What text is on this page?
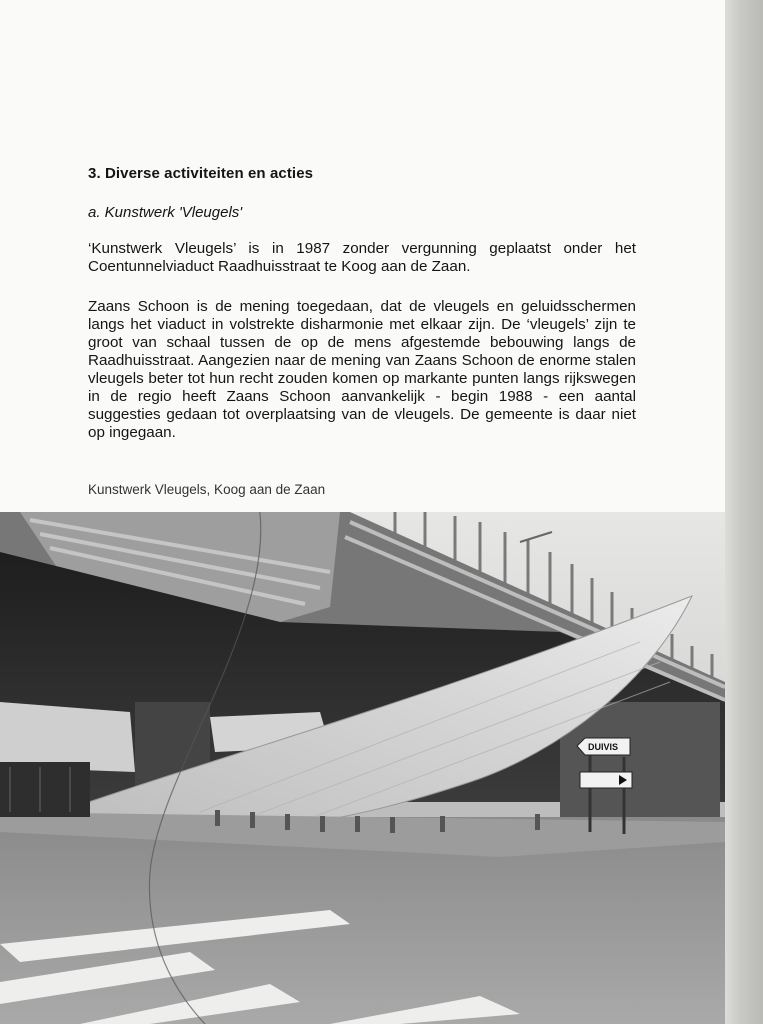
3. Diverse activiteiten en acties
a. Kunstwerk 'Vleugels'

‘Kunstwerk Vleugels’ is in 1987 zonder vergunning geplaatst onder het Coentunnelviaduct Raadhuisstraat te Koog aan de Zaan.

Zaans Schoon is de mening toegedaan, dat de vleugels en geluidsschermen langs het viaduct in volstrekte disharmonie met elkaar zijn. De ‘vleugels’ zijn te groot van schaal tussen de op de mens afgestemde bebouwing langs de Raadhuisstraat. Aangezien naar de mening van Zaans Schoon de enorme stalen vleugels beter tot hun recht zouden komen op markante punten langs rijkswegen in de regio heeft Zaans Schoon aanvankelijk - begin 1988 - een aantal suggesties gedaan tot overplaatsing van de vleugels. De gemeente is daar niet op ingegaan.

Kunstwerk Vleugels, Koog aan de Zaan

DUIVIS
